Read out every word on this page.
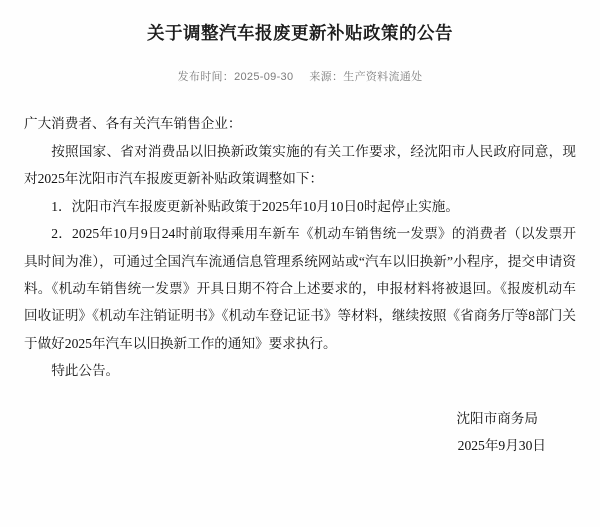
关于调整汽车报废更新补贴政策的公告
发布时间：2025-09-30 来源：生产资料流通处

广大消费者、各有关汽车销售企业：

按照国家、省对消费品以旧换新政策实施的有关工作要求，经沈阳市人民政府同意，现对2025年沈阳市汽车报废更新补贴政策调整如下：

1．沈阳市汽车报废更新补贴政策于2025年10月10日0时起停止实施。

2．2025年10月9日24时前取得乘用车新车《机动车销售统一发票》的消费者（以发票开具时间为准），可通过全国汽车流通信息管理系统网站或“汽车以旧换新”小程序，提交申请资料。《机动车销售统一发票》开具日期不符合上述要求的，申报材料将被退回。《报废机动车回收证明》《机动车注销证明书》《机动车登记证书》等材料，继续按照《省商务厅等8部门关于做好2025年汽车以旧换新工作的通知》要求执行。

特此公告。

沈阳市商务局
2025年9月30日
